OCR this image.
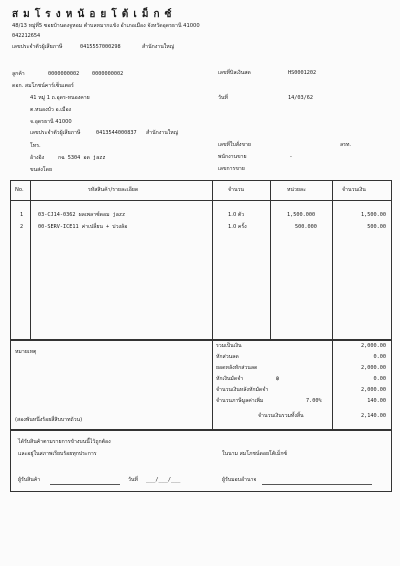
ส ม โ ร ง ห น้ อ ย โ ต้ เ ม็ ก ซ์
48/13 หมู่ที่5 ซอยบ้านดงจูหอม ตำบลหมากแข้ง อำเภอเมือง จังหวัดอุดรธานี 41000
042212654
เลขประจำตัวผู้เสียภาษี	0415557000298	สำนักงานใหญ่
ลูกค้า	0000000002 0000000002
ดอก. สมโภชน์คาร์เซ็นเตอร์
41 หมู่ 1 ถ.อุดร-หนองคาย
ต.หนองบัว อ.เมือง
จ.อุดรธานี 41000
เลขประจำตัวผู้เสียภาษี	0413544000837 สำนักงานใหญ่
โทร.
อ้างอิง	กฉ 5304 อด jazz
ขนส่งโดย
เลขที่บิลเงินสด	HS0001202
วันที่	14/03/62
เลขที่ใบสั่งขาย	ลรท.
พนักงานขาย	-
เลขการขาย
No.	รหัสสินค้า/รายละเอียด	จำนวน	หน่วยละ	จำนวนเงิน
1	03-CJ14-0362 ผลเพลาซ์ดอม jazz	1.0 ตัว	1,500.000	1,500.00
2	00-SERV-ICE11 ค่าเปลี่ยน + บ่วงล้อ	1.0 ครั้ง	500.000	500.00
หมายเหตุ
(สองพันหนึ่งร้อยสี่สิบบาทถ้วน)
รวมเป็นเงิน	2,000.00
หักส่วนลด	0.00
ยอดหลังหักส่วนลด	2,000.00
หักเงินมัดจำ	฿	0.00
จำนวนเงินหลังหักมัดจำ	2,000.00
จำนวนภาษีมูลค่าเพิ่ม	7.00%	140.00
จำนวนเงินรวมทั้งสิ้น	2,140.00
ได้รับสินค้าตามรายการข้างบนนี้ไว้ถูกต้อง
และอยู่ในสภาพเรียบร้อยทุกประการ	ในนาม สมโภชน์ดอยโต้เม็กซ์
ผู้รับสินค้า	วันที่ ___/___/___	ผู้รับมอบอำนาจ
